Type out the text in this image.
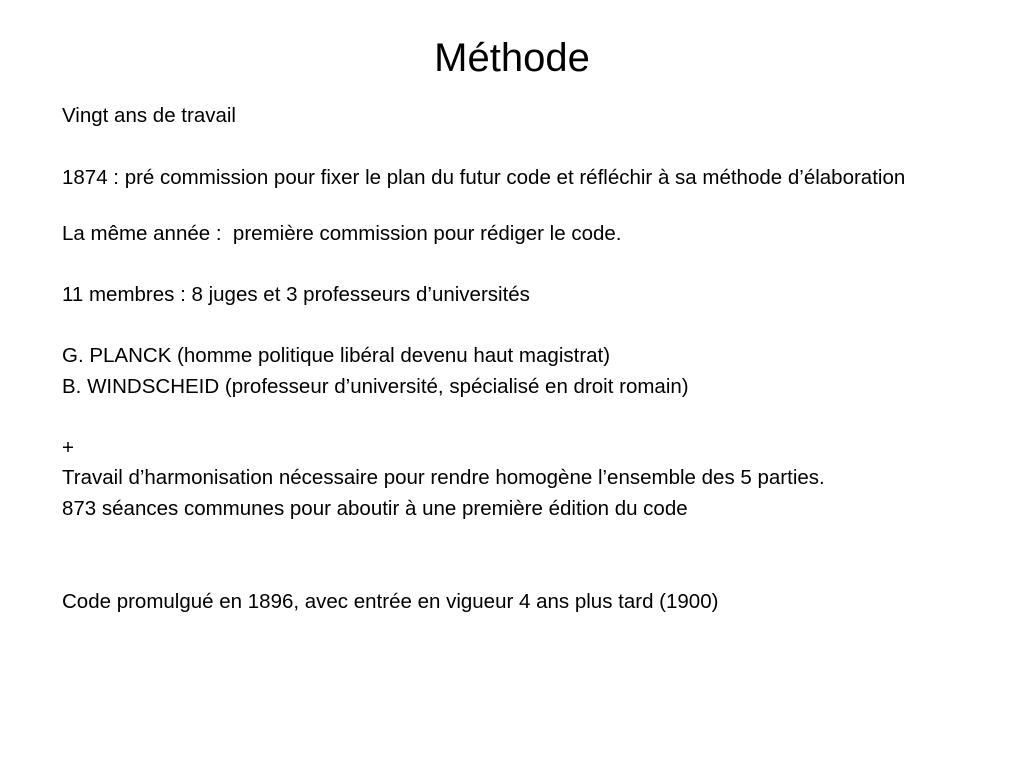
Méthode
Vingt ans de travail
1874 : pré commission pour fixer le plan du futur code et réfléchir à sa méthode d’élaboration
La même année :  première commission pour rédiger le code.
11 membres : 8 juges et 3 professeurs d’universités
G. PLANCK (homme politique libéral devenu haut magistrat)
B. WINDSCHEID (professeur d’université, spécialisé en droit romain)
+
Travail d’harmonisation nécessaire pour rendre homogène l’ensemble des 5 parties.
873 séances communes pour aboutir à une première édition du code
Code promulgué en 1896, avec entrée en vigueur 4 ans plus tard (1900)
